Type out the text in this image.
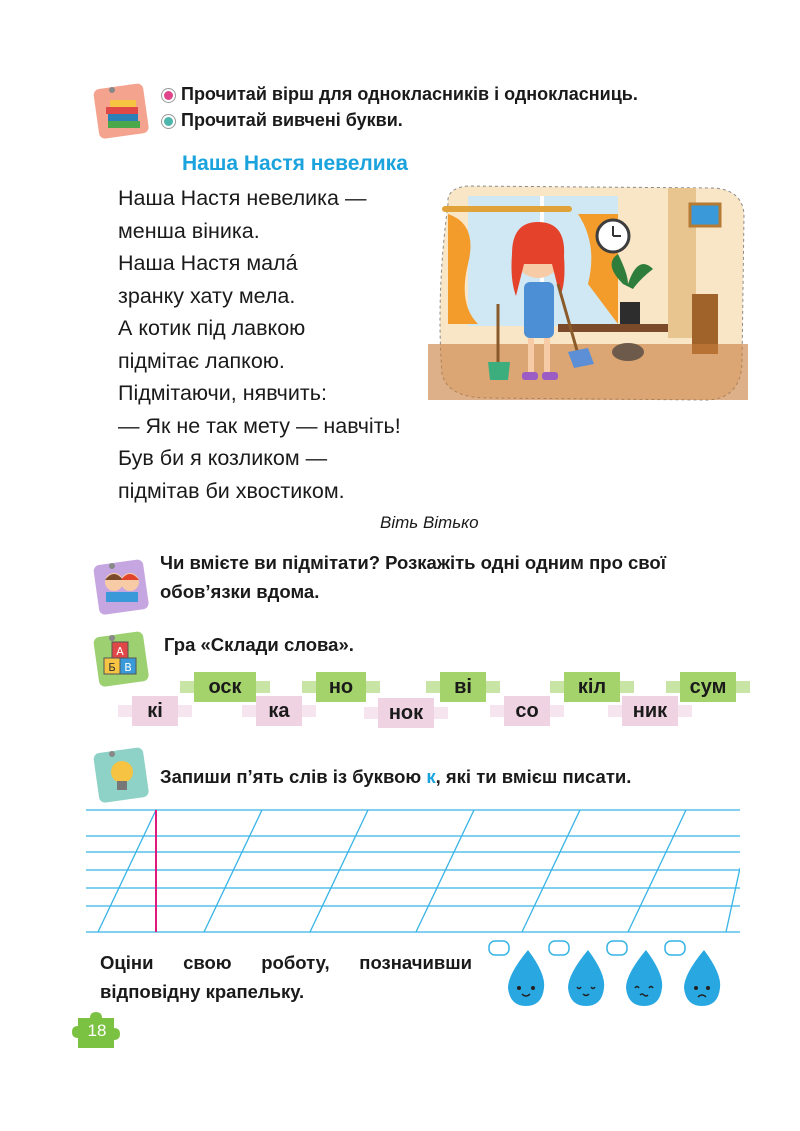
Прочитай вірш для однокласників і однокласниць.
Прочитай вивчені букви.
Наша Настя невелика
Наша Настя невелика —
менша віника.
Наша Настя малá
зранку хату мела.
А котик під лавкою
підмітає лапкою.
Підмітаючи, нявчить:
— Як не так мету — навчіть!
Був би я козликом —
підмітав би хвостиком.
Віть Вітько
Чи вмієте ви підмітати? Розкажіть одні одним про свої обов’язки вдома.
А
Б В
Гра «Склади слова».
оск	но	ві	кіл	сум
кі	ка	нок	со	ник
Запиши п’ять слів із буквою к, які ти вмієш писати.
Оціни свою роботу, позначивши відповідну крапельку.
18
